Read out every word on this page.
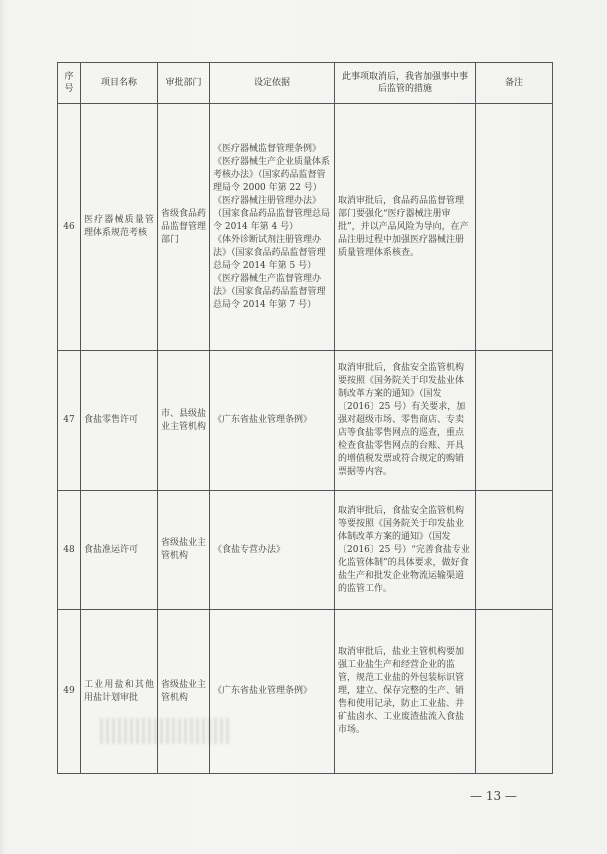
序号	项目名称	审批部门	设定依据	此事项取消后，我省加强事中事后监管的措施	备注
46	医疗器械质量管理体系规范考核	省级食品药品监督管理部门	《医疗器械监督管理条例》
《医疗器械生产企业质量体系考核办法》（国家药品监督管理局令 2000 年第 22 号）
《医疗器械注册管理办法》（国家食品药品监督管理总局令 2014 年第 4 号）
《体外诊断试剂注册管理办法》（国家食品药品监督管理总局令 2014 年第 5 号）
《医疗器械生产监督管理办法》（国家食品药品监督管理总局令 2014 年第 7 号）	取消审批后，食品药品监督管理部门要强化“医疗器械注册审批”，并以产品风险为导向，在产品注册过程中加强医疗器械注册质量管理体系核查。	
47	食盐零售许可	市、县级盐业主管机构	《广东省盐业管理条例》	取消审批后，食盐安全监管机构要按照《国务院关于印发盐业体制改革方案的通知》（国发〔2016〕25 号）有关要求，加强对超级市场、零售商店、专卖店等食盐零售网点的巡查，重点检查食盐零售网点的台账、开具的增值税发票或符合规定的购销票据等内容。	
48	食盐准运许可	省级盐业主管机构	《食盐专营办法》	取消审批后，食盐安全监管机构等要按照《国务院关于印发盐业体制改革方案的通知》（国发〔2016〕25 号）“完善食盐专业化监管体制”的具体要求，做好食盐生产和批发企业物流运输渠道的监管工作。	
49	工业用盐和其他用盐计划审批	省级盐业主管机构	《广东省盐业管理条例》	取消审批后，盐业主管机构要加强工业盐生产和经营企业的监管，规范工业盐的外包装标识管理，建立、保存完整的生产、销售和使用记录，防止工业盐、井矿盐卤水、工业废渣盐流入食盐市场。	
— 13 —
